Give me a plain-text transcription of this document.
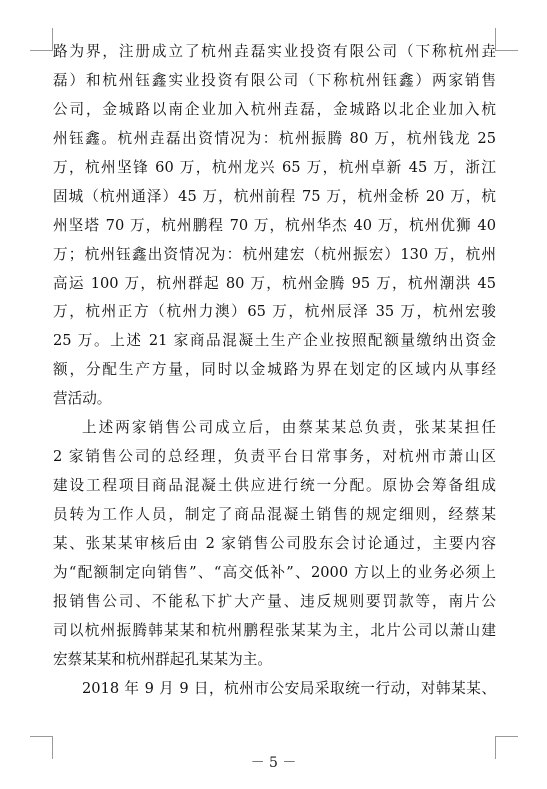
路为界，注册成立了杭州垚磊实业投资有限公司（下称杭州垚
磊）和杭州钰鑫实业投资有限公司（下称杭州钰鑫）两家销售
公司，金城路以南企业加入杭州垚磊，金城路以北企业加入杭
州钰鑫。杭州垚磊出资情况为：杭州振腾 80 万，杭州钱龙 25
万，杭州坚锋 60 万，杭州龙兴 65 万，杭州卓新 45 万，浙江
固城（杭州通泽）45 万，杭州前程 75 万，杭州金桥 20 万，杭
州坚塔 70 万，杭州鹏程 70 万，杭州华杰 40 万，杭州优狮 40
万；杭州钰鑫出资情况为：杭州建宏（杭州振宏）130 万，杭州
高运 100 万，杭州群起 80 万，杭州金腾 95 万，杭州潮洪 45
万，杭州正方（杭州力澳）65 万，杭州辰泽 35 万，杭州宏骏
25 万。上述 21 家商品混凝土生产企业按照配额量缴纳出资金
额，分配生产方量，同时以金城路为界在划定的区域内从事经
营活动。
上述两家销售公司成立后，由蔡某某总负责，张某某担任
2 家销售公司的总经理，负责平台日常事务，对杭州市萧山区
建设工程项目商品混凝土供应进行统一分配。原协会筹备组成
员转为工作人员，制定了商品混凝土销售的规定细则，经蔡某
某、张某某审核后由 2 家销售公司股东会讨论通过，主要内容
为“配额制定向销售”、“高交低补”、2000 方以上的业务必须上
报销售公司、不能私下扩大产量、违反规则要罚款等，南片公
司以杭州振腾韩某某和杭州鹏程张某某为主，北片公司以萧山建
宏蔡某某和杭州群起孔某某为主。
2018 年 9 月 9 日，杭州市公安局采取统一行动，对韩某某、
－ 5 －
